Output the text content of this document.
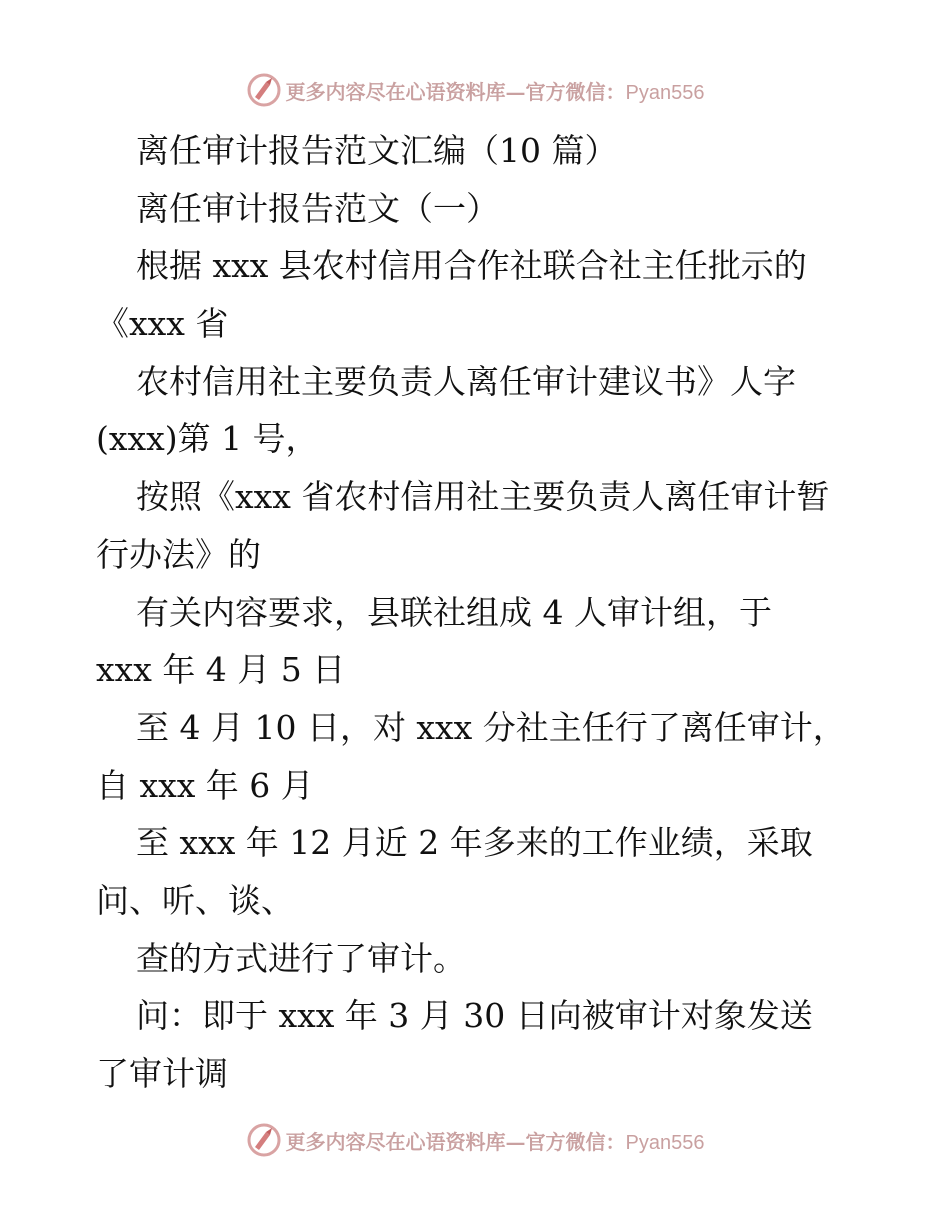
更多内容尽在心语资料库—官方微信：Pyan556
离任审计报告范文汇编（10 篇）
离任审计报告范文（一）
根据 xxx 县农村信用合作社联合社主任批示的
《xxx 省
农村信用社主要负责人离任审计建议书》人字
(xxx)第 1 号，
按照《xxx 省农村信用社主要负责人离任审计暂
行办法》的
有关内容要求，县联社组成 4 人审计组，于
xxx 年 4 月 5 日
至 4 月 10 日，对 xxx 分社主任行了离任审计，
自 xxx 年 6 月
至 xxx 年 12 月近 2 年多来的工作业绩，采取
问、听、谈、
查的方式进行了审计。
问：即于 xxx 年 3 月 30 日向被审计对象发送
了审计调
更多内容尽在心语资料库—官方微信：Pyan556
